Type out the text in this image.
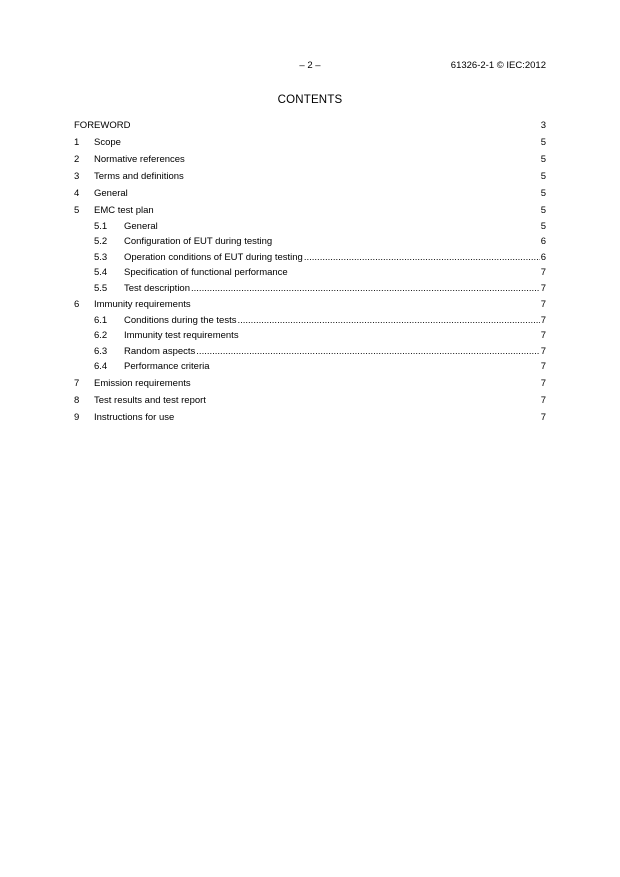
– 2 –	61326-2-1 © IEC:2012
CONTENTS
FOREWORD .....	3
1	Scope .....	5
2	Normative references .....	5
3	Terms and definitions .....	5
4	General .....	5
5	EMC test plan .....	5
5.1	General .....	5
5.2	Configuration of EUT during testing .....	6
5.3	Operation conditions of EUT during testing .....	6
5.4	Specification of functional performance .....	7
5.5	Test description .....	7
6	Immunity requirements .....	7
6.1	Conditions during the tests .....	7
6.2	Immunity test requirements .....	7
6.3	Random aspects .....	7
6.4	Performance criteria .....	7
7	Emission requirements .....	7
8	Test results and test report .....	7
9	Instructions for use .....	7
